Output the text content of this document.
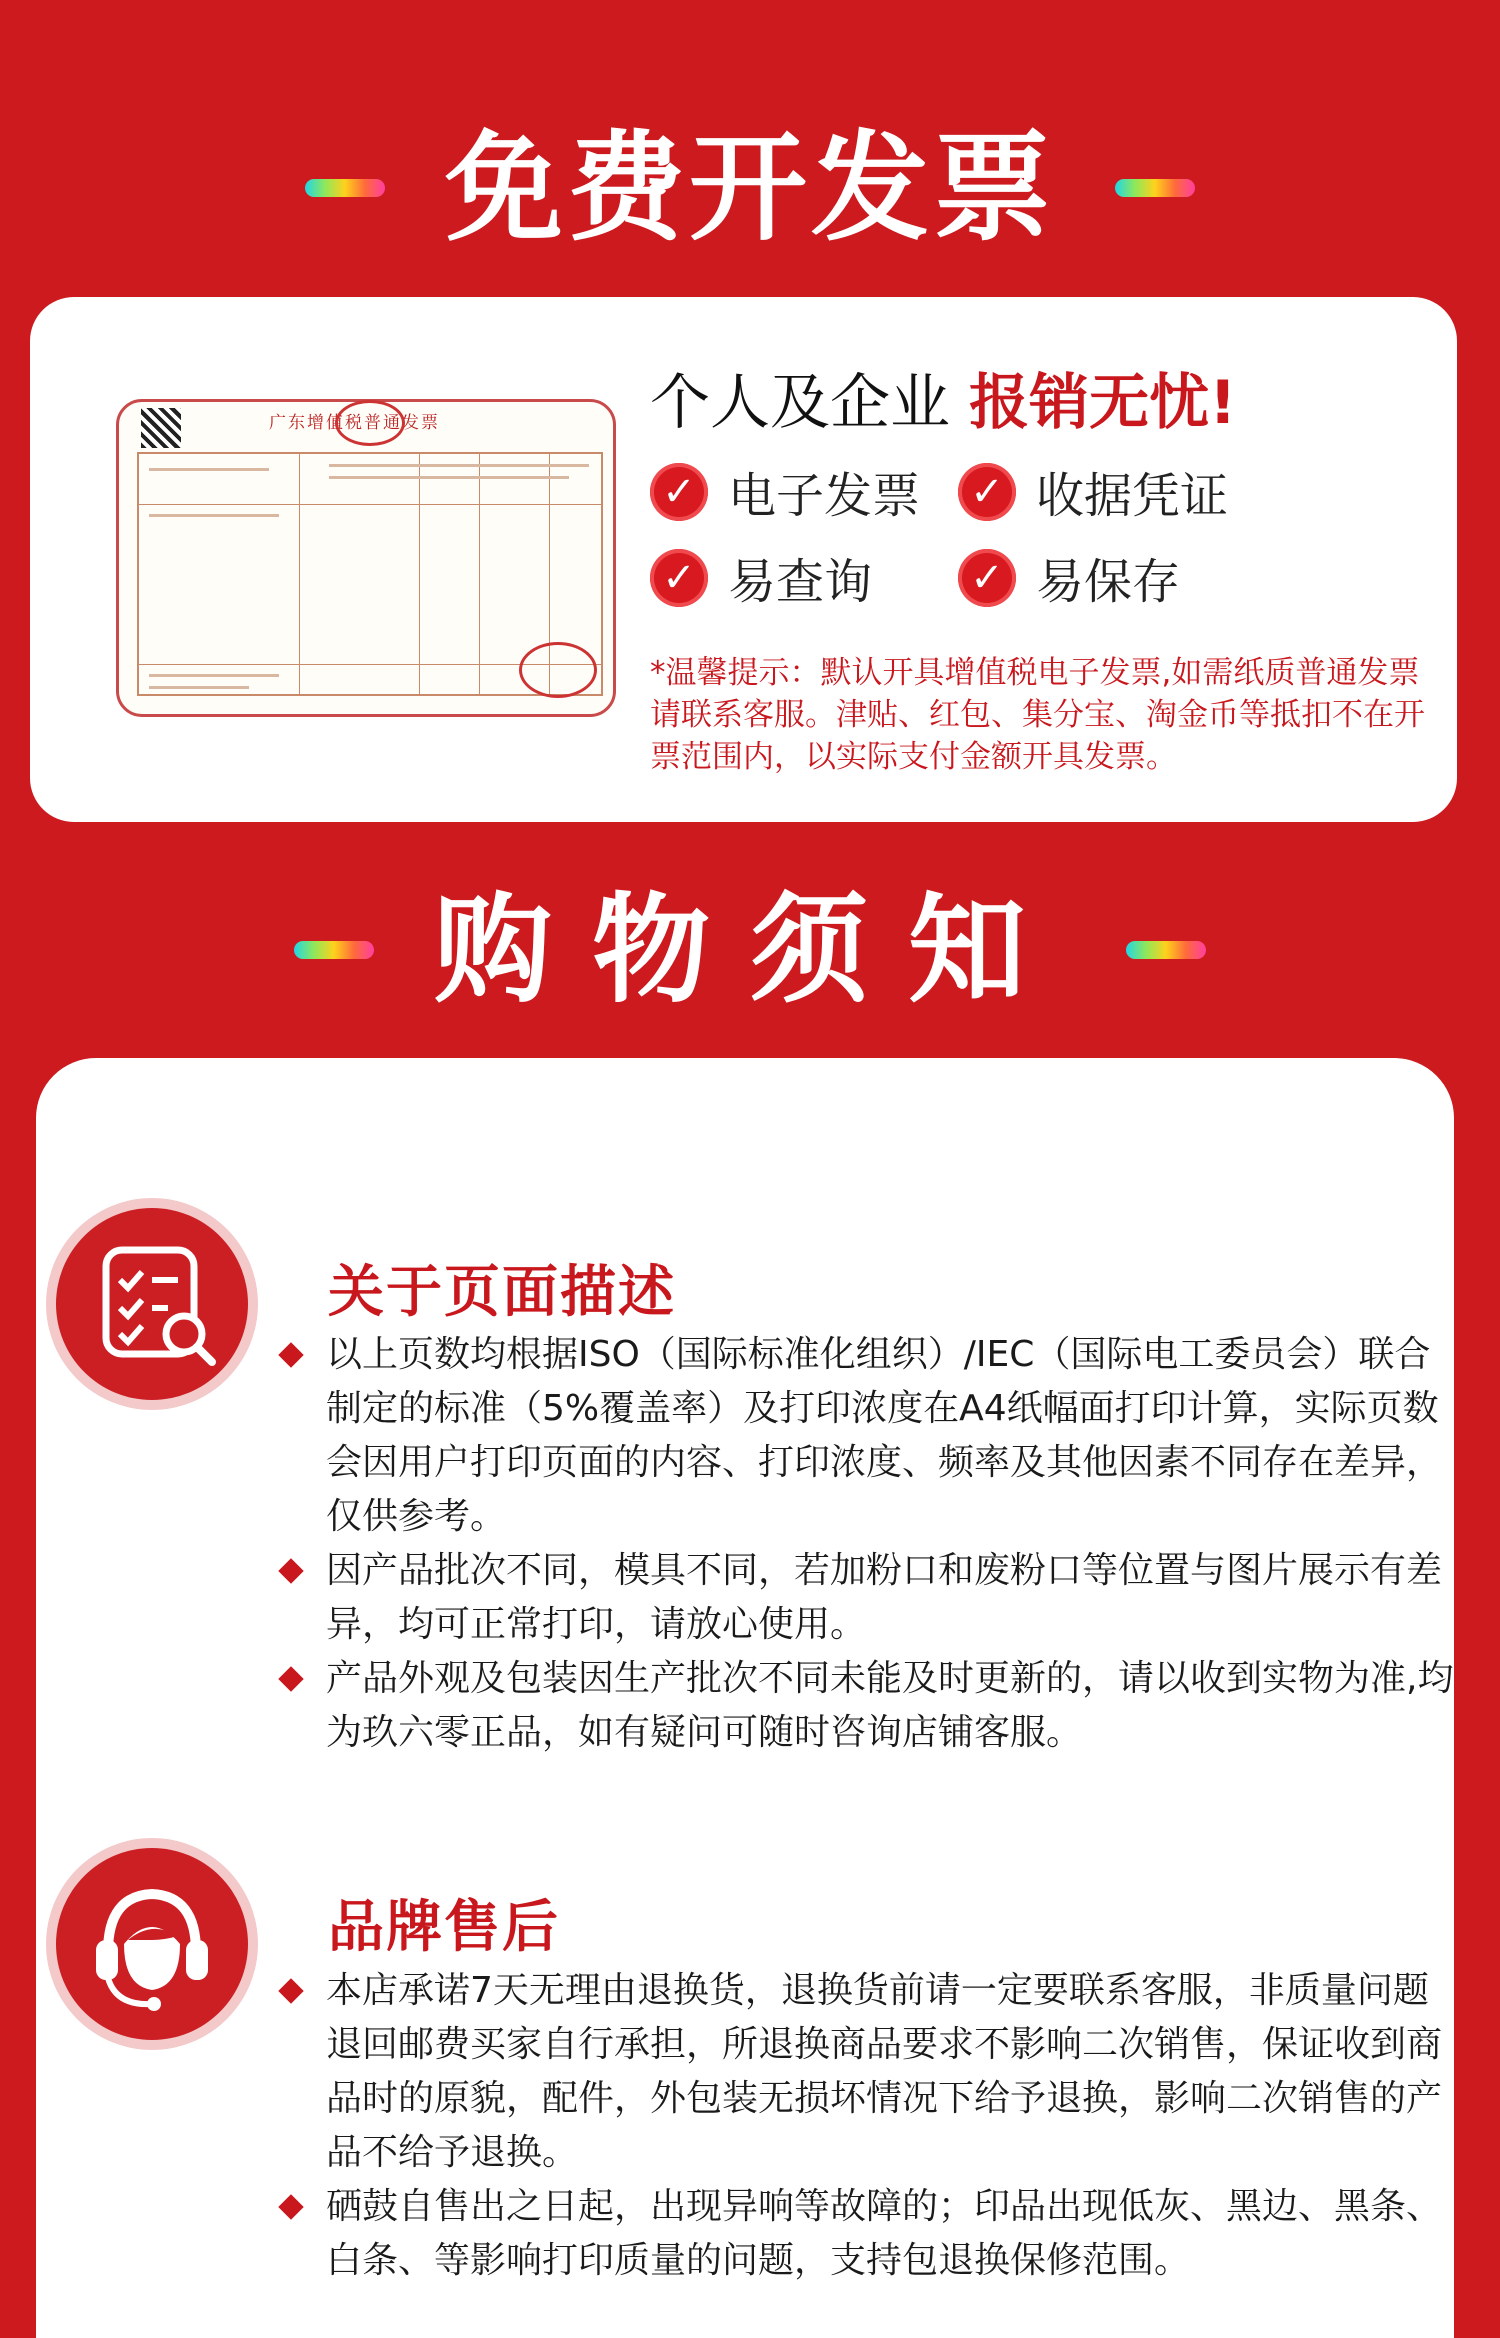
免费开发票
广东增值税普通发票	个人及企业 报销无忧!
✓ 电子发票	✓ 收据凭证
✓ 易查询	✓ 易保存
*温馨提示：默认开具增值税电子发票,如需纸质普通发票请联系客服。津贴、红包、集分宝、淘金币等抵扣不在开票范围内，以实际支付金额开具发票。
购物须知
关于页面描述
以上页数均根据ISO（国际标准化组织）/IEC（国际电工委员会）联合制定的标准（5%覆盖率）及打印浓度在A4纸幅面打印计算，实际页数会因用户打印页面的内容、打印浓度、频率及其他因素不同存在差异，仅供参考。
因产品批次不同，模具不同，若加粉口和废粉口等位置与图片展示有差异，均可正常打印，请放心使用。
产品外观及包装因生产批次不同未能及时更新的，请以收到实物为准,均为玖六零正品，如有疑问可随时咨询店铺客服。
品牌售后
本店承诺7天无理由退换货，退换货前请一定要联系客服，非质量问题退回邮费买家自行承担，所退换商品要求不影响二次销售，保证收到商品时的原貌，配件，外包装无损坏情况下给予退换，影响二次销售的产品不给予退换。
硒鼓自售出之日起，出现异响等故障的；印品出现低灰、黑边、黑条、白条、等影响打印质量的问题，支持包退换保修范围。
